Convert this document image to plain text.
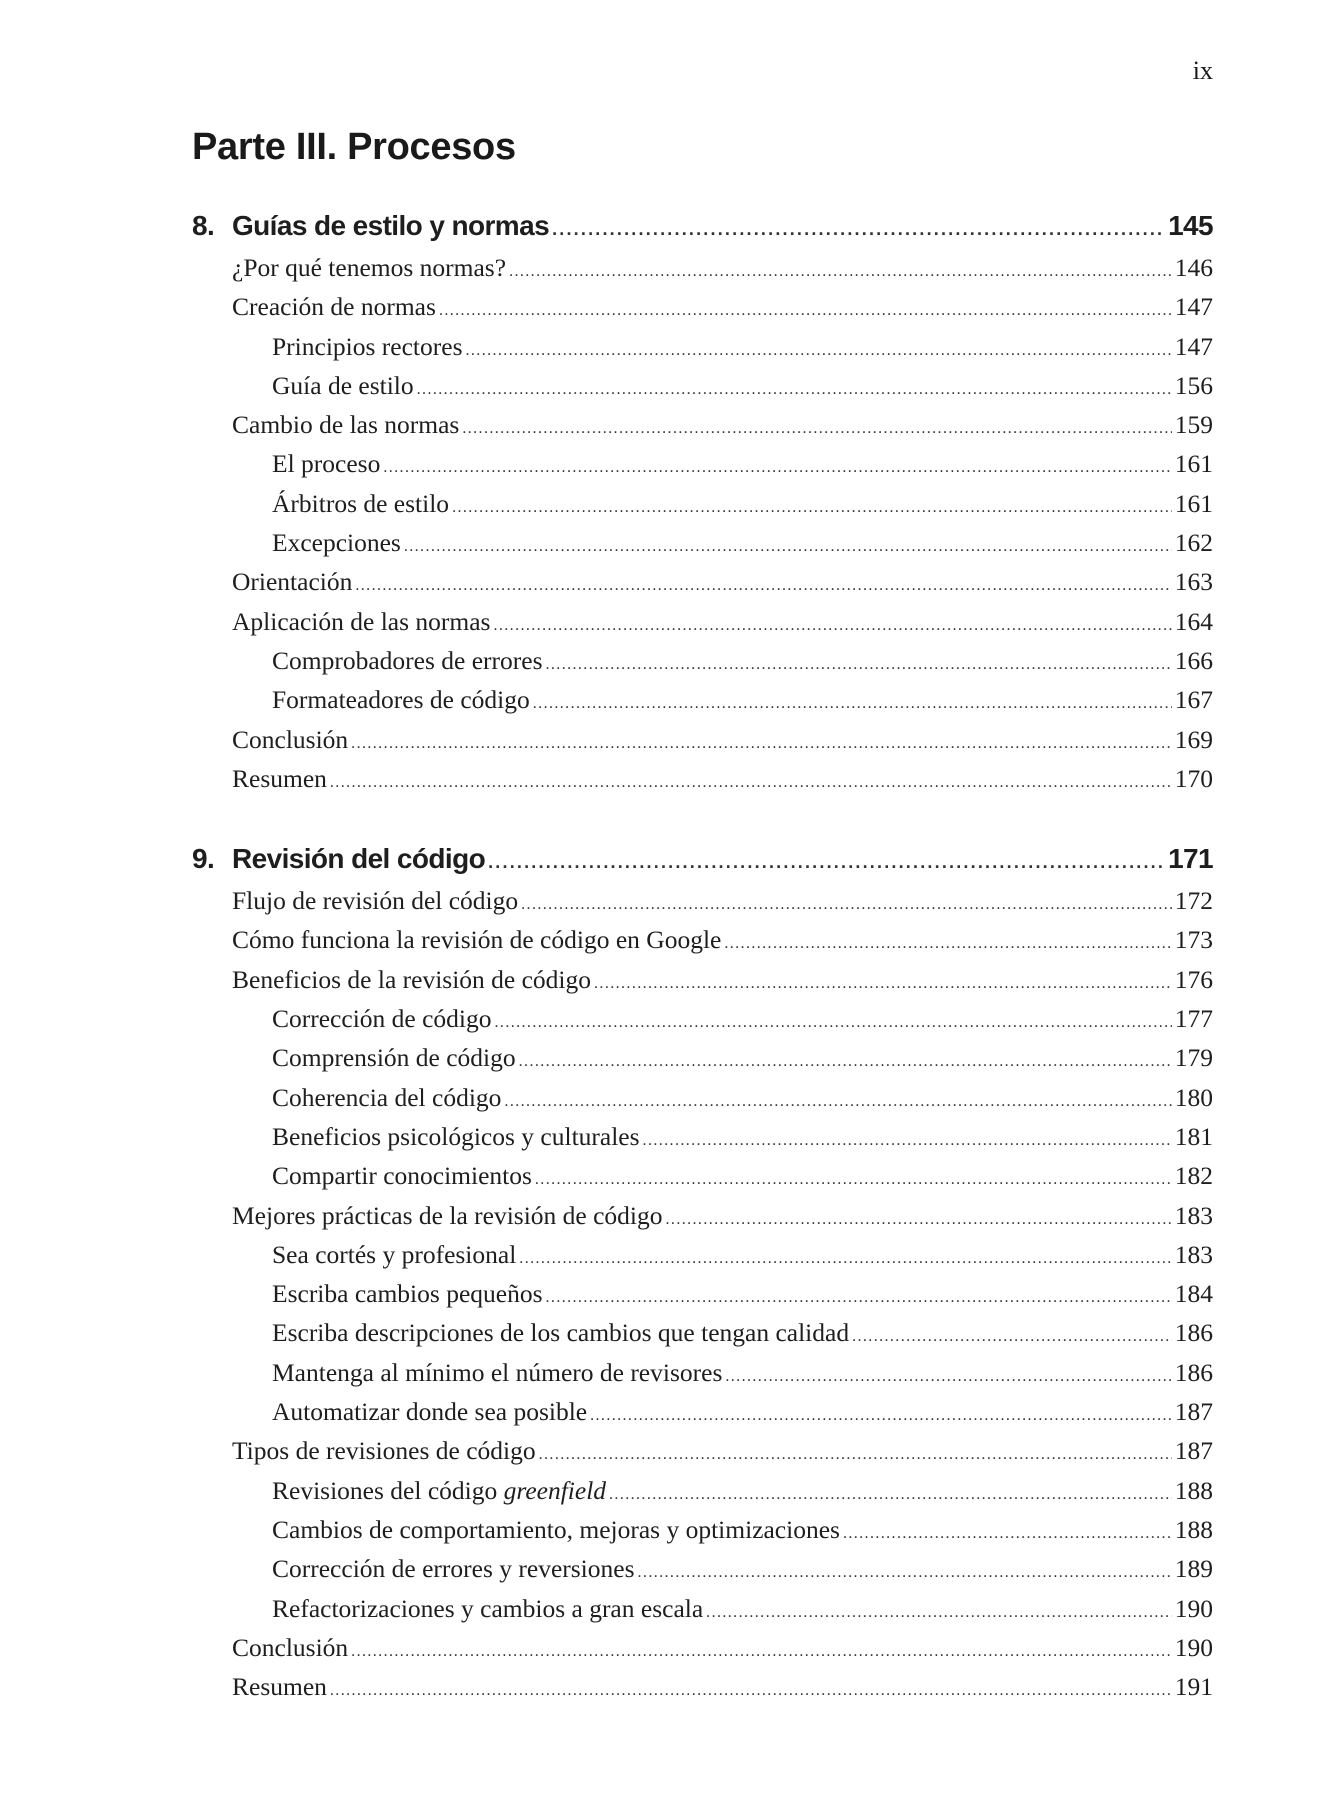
ix
Parte III. Procesos
8. Guías de estilo y normas . . .	145
¿Por qué tenemos normas? . . .	146
Creación de normas . . .	147
Principios rectores . . .	147
Guía de estilo . . .	156
Cambio de las normas . . .	159
El proceso . . .	161
Árbitros de estilo . . .	161
Excepciones . . .	162
Orientación . . .	163
Aplicación de las normas . . .	164
Comprobadores de errores . . .	166
Formateadores de código . . .	167
Conclusión . . .	169
Resumen . . .	170
9. Revisión del código . . .	171
Flujo de revisión del código . . .	172
Cómo funciona la revisión de código en Google . . .	173
Beneficios de la revisión de código . . .	176
Corrección de código . . .	177
Comprensión de código . . .	179
Coherencia del código . . .	180
Beneficios psicológicos y culturales . . .	181
Compartir conocimientos . . .	182
Mejores prácticas de la revisión de código . . .	183
Sea cortés y profesional . . .	183
Escriba cambios pequeños . . .	184
Escriba descripciones de los cambios que tengan calidad . . .	186
Mantenga al mínimo el número de revisores . . .	186
Automatizar donde sea posible . . .	187
Tipos de revisiones de código . . .	187
Revisiones del código greenfield . . .	188
Cambios de comportamiento, mejoras y optimizaciones . . .	188
Corrección de errores y reversiones . . .	189
Refactorizaciones y cambios a gran escala . . .	190
Conclusión . . .	190
Resumen . . .	191
